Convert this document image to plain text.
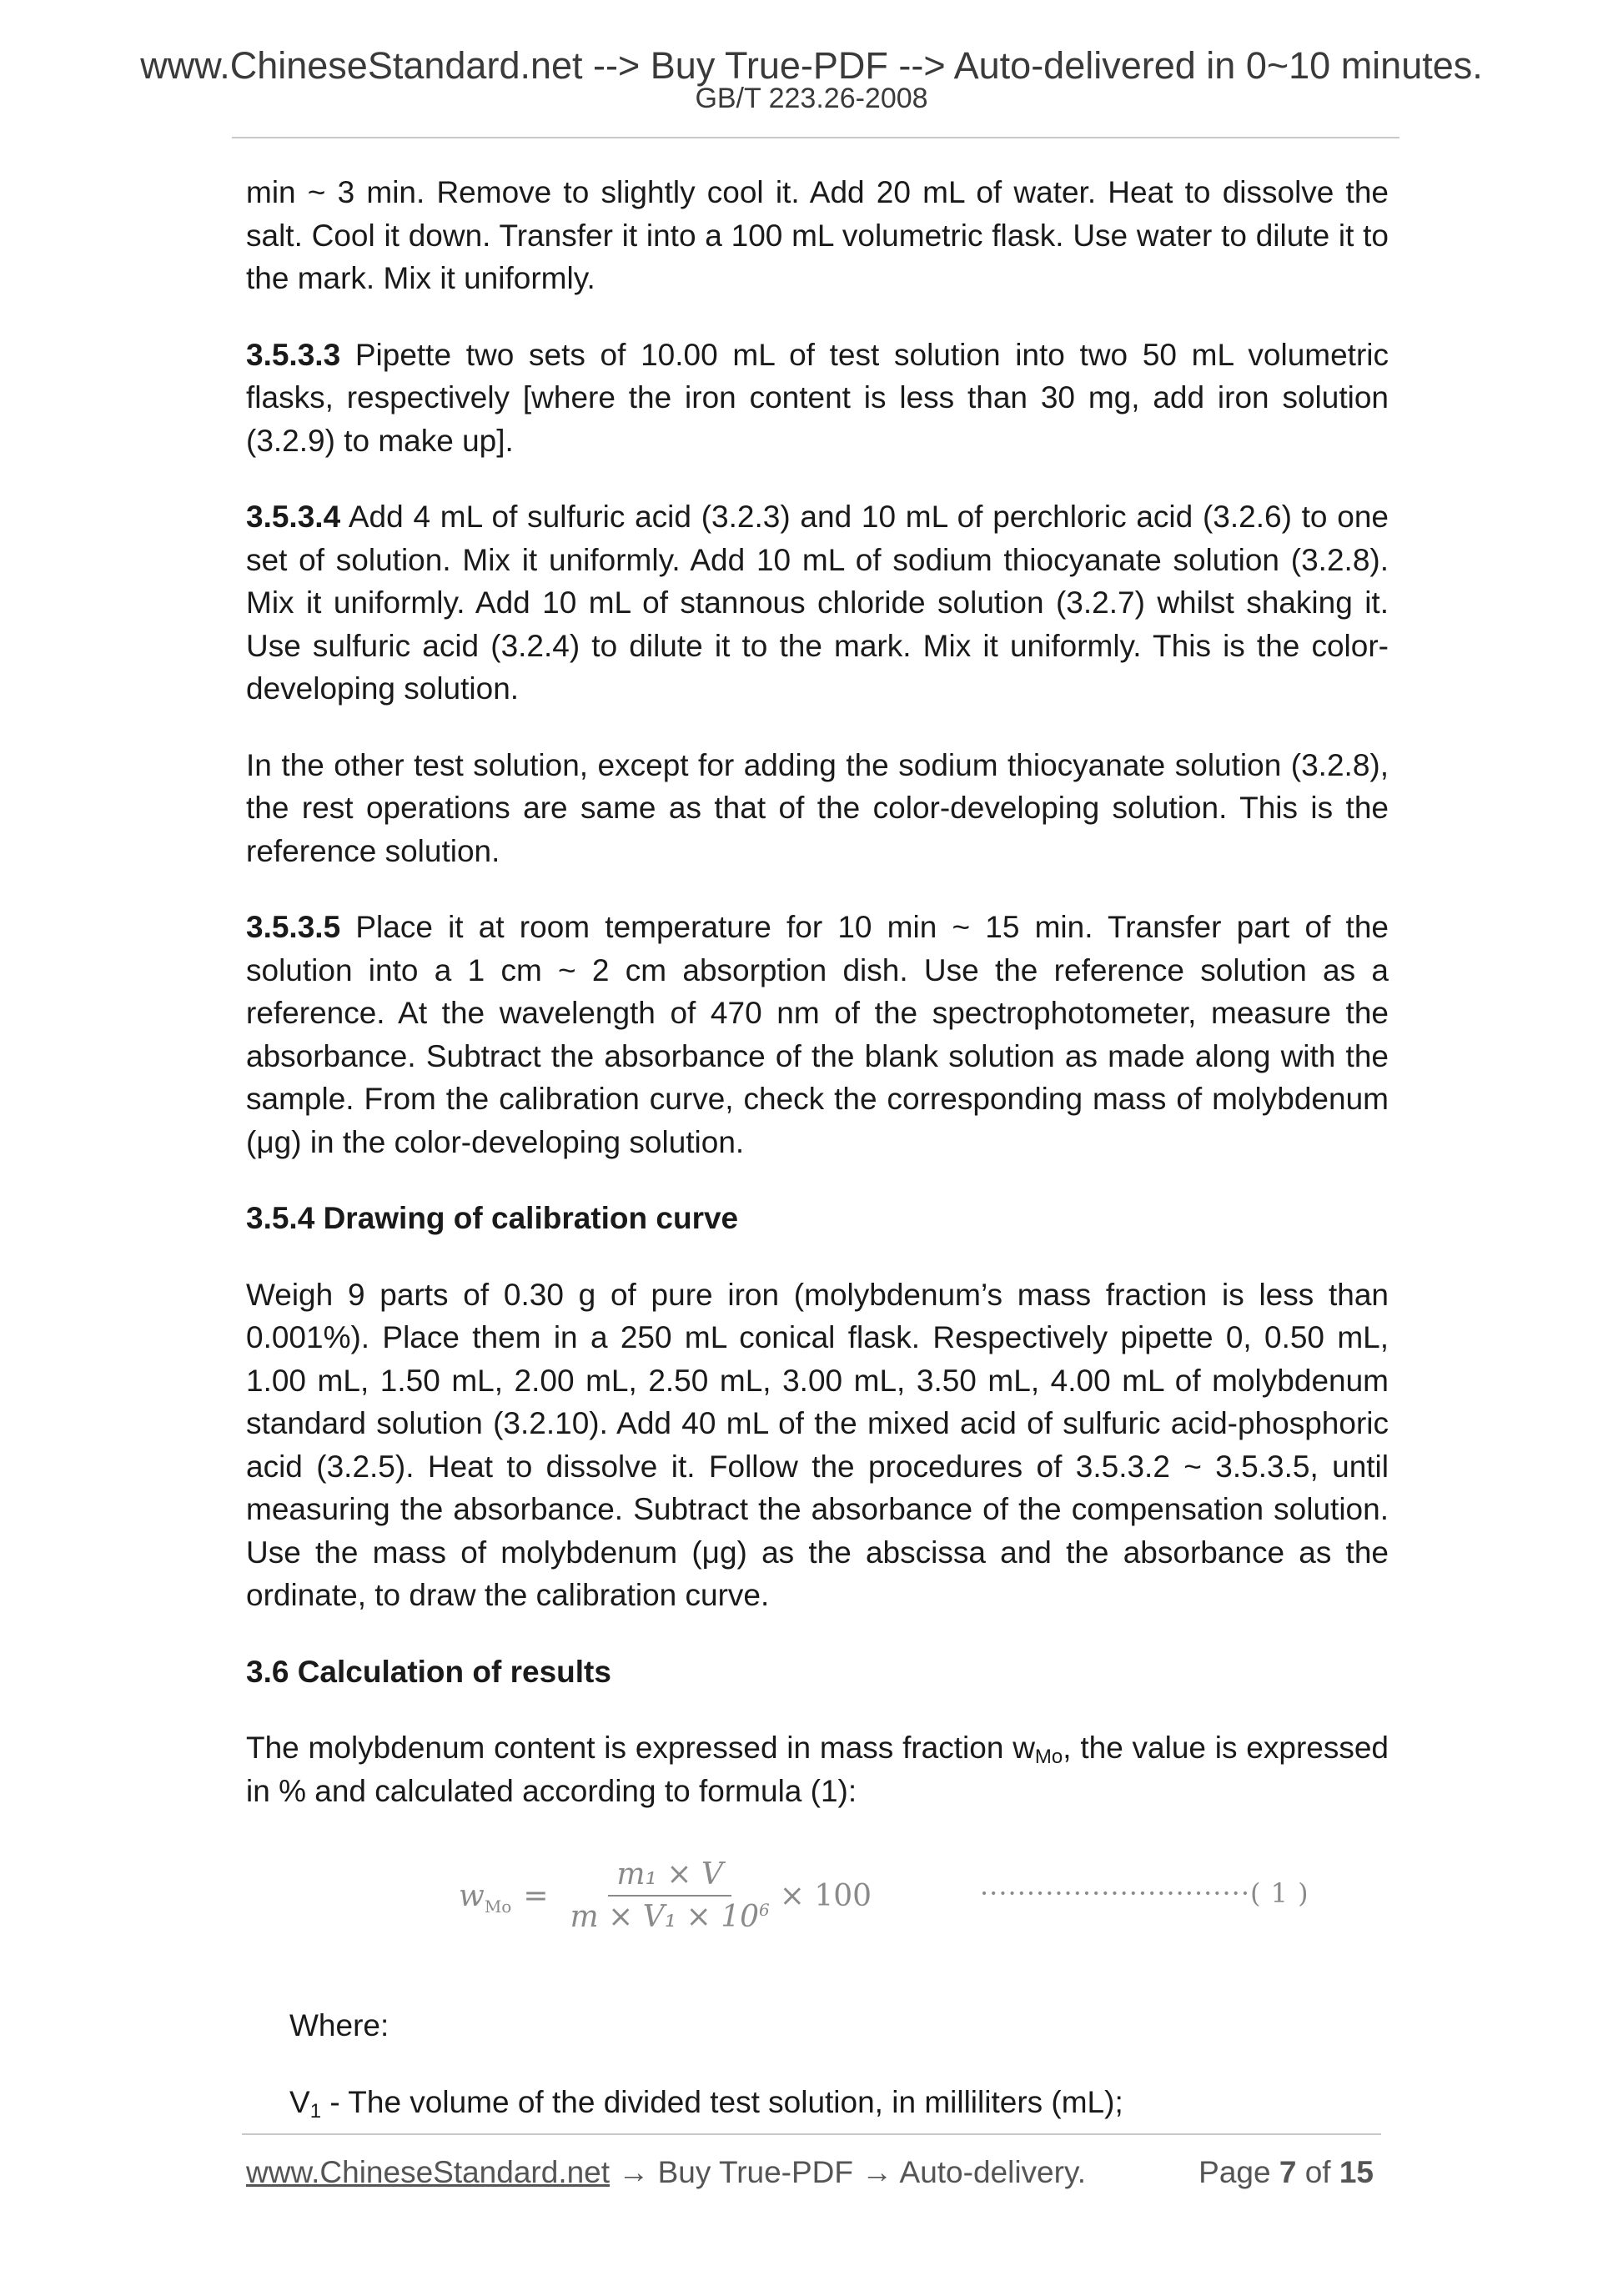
www.ChineseStandard.net --> Buy True-PDF --> Auto-delivered in 0~10 minutes.
GB/T 223.26-2008

min ~ 3 min. Remove to slightly cool it. Add 20 mL of water. Heat to dissolve the salt. Cool it down. Transfer it into a 100 mL volumetric flask. Use water to dilute it to the mark. Mix it uniformly.

3.5.3.3 Pipette two sets of 10.00 mL of test solution into two 50 mL volumetric flasks, respectively [where the iron content is less than 30 mg, add iron solution (3.2.9) to make up].

3.5.3.4 Add 4 mL of sulfuric acid (3.2.3) and 10 mL of perchloric acid (3.2.6) to one set of solution. Mix it uniformly. Add 10 mL of sodium thiocyanate solution (3.2.8). Mix it uniformly. Add 10 mL of stannous chloride solution (3.2.7) whilst shaking it. Use sulfuric acid (3.2.4) to dilute it to the mark. Mix it uniformly. This is the color-developing solution.

In the other test solution, except for adding the sodium thiocyanate solution (3.2.8), the rest operations are same as that of the color-developing solution. This is the reference solution.

3.5.3.5 Place it at room temperature for 10 min ~ 15 min. Transfer part of the solution into a 1 cm ~ 2 cm absorption dish. Use the reference solution as a reference. At the wavelength of 470 nm of the spectrophotometer, measure the absorbance. Subtract the absorbance of the blank solution as made along with the sample. From the calibration curve, check the corresponding mass of molybdenum (μg) in the color-developing solution.

3.5.4 Drawing of calibration curve

Weigh 9 parts of 0.30 g of pure iron (molybdenum’s mass fraction is less than 0.001%). Place them in a 250 mL conical flask. Respectively pipette 0, 0.50 mL, 1.00 mL, 1.50 mL, 2.00 mL, 2.50 mL, 3.00 mL, 3.50 mL, 4.00 mL of molybdenum standard solution (3.2.10). Add 40 mL of the mixed acid of sulfuric acid-phosphoric acid (3.2.5). Heat to dissolve it. Follow the procedures of 3.5.3.2 ~ 3.5.3.5, until measuring the absorbance. Subtract the absorbance of the compensation solution. Use the mass of molybdenum (μg) as the abscissa and the absorbance as the ordinate, to draw the calibration curve.

3.6 Calculation of results

The molybdenum content is expressed in mass fraction $w_{Mo}$, the value is expressed in % and calculated according to formula (1):

$w_{Mo} = \frac{\text{m₁ × V}}{m \times V_1 \times 10^6} \times 100$	·····························( 1 )

Where:

$V_1$ - The volume of the divided test solution, in milliliters (mL);

www.ChineseStandard.net → Buy True-PDF → Auto-delivery.	Page 7 of 15
